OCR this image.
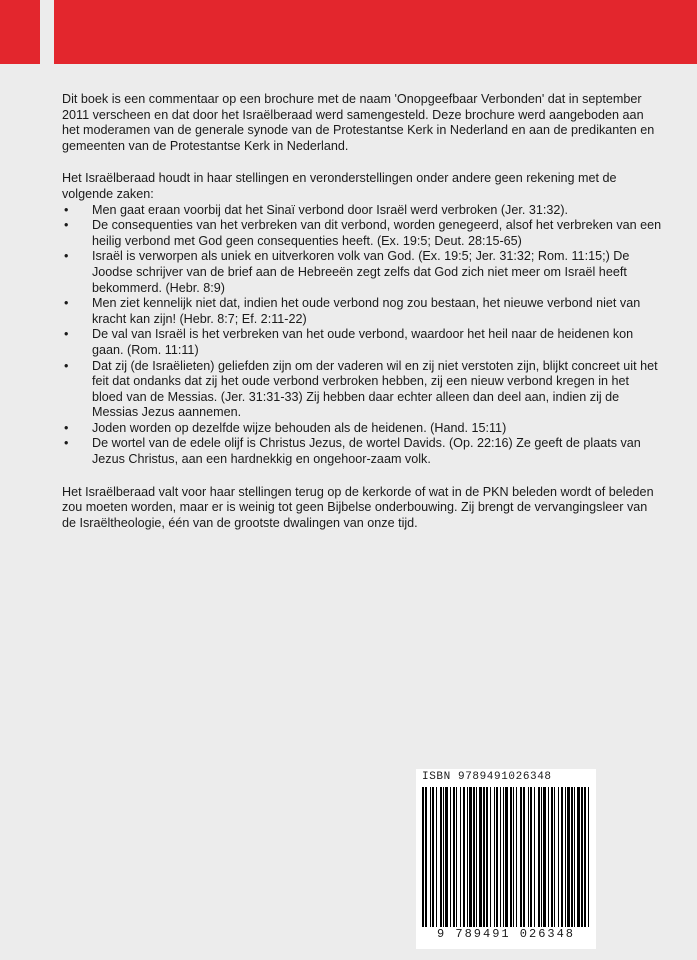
Dit boek is een commentaar op een brochure met de naam 'Onopgeefbaar Verbonden' dat in september 2011 verscheen en dat door het Israëlberaad werd samengesteld. Deze brochure werd aangeboden aan het moderamen van de generale synode van de Protestantse Kerk in Nederland en aan de predikanten en gemeenten van de Protestantse Kerk in Nederland.

Het Israëlberaad houdt in haar stellingen en veronderstellingen onder andere geen rekening met de volgende zaken:

• Men gaat eraan voorbij dat het Sinaï verbond door Israël werd verbroken (Jer. 31:32).
• De consequenties van het verbreken van dit verbond, worden genegeerd, alsof het verbreken van een heilig verbond met God geen consequenties heeft. (Ex. 19:5; Deut. 28:15-65)
• Israël is verworpen als uniek en uitverkoren volk van God. (Ex. 19:5; Jer. 31:32; Rom. 11:15;) De Joodse schrijver van de brief aan de Hebreeën zegt zelfs dat God zich niet meer om Israël heeft bekommerd. (Hebr. 8:9)
• Men ziet kennelijk niet dat, indien het oude verbond nog zou bestaan, het nieuwe verbond niet van kracht kan zijn! (Hebr. 8:7; Ef. 2:11-22)
• De val van Israël is het verbreken van het oude verbond, waardoor het heil naar de heidenen kon gaan. (Rom. 11:11)
• Dat zij (de Israëlieten) geliefden zijn om der vaderen wil en zij niet verstoten zijn, blijkt concreet uit het feit dat ondanks dat zij het oude verbond verbroken hebben, zij een nieuw verbond kregen in het bloed van de Messias. (Jer. 31:31-33) Zij hebben daar echter alleen dan deel aan, indien zij de Messias Jezus aannemen.
• Joden worden op dezelfde wijze behouden als de heidenen. (Hand. 15:11)
• De wortel van de edele olijf is Christus Jezus, de wortel Davids. (Op. 22:16) Ze geeft de plaats van Jezus Christus, aan een hardnekkig en ongehoor-zaam volk.

Het Israëlberaad valt voor haar stellingen terug op de kerkorde of wat in de PKN beleden wordt of beleden zou moeten worden, maar er is weinig tot geen Bijbelse onderbouwing. Zij brengt de vervangingsleer van de Israëltheologie, één van de grootste dwalingen van onze tijd.

ISBN 9789491026348
9 789491 026348
